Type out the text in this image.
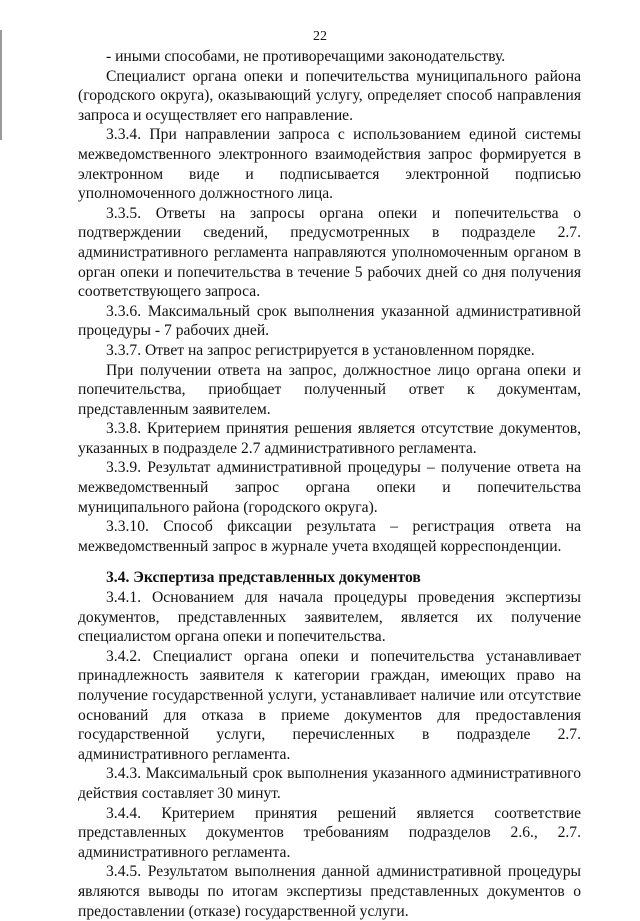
22

- иными способами, не противоречащими законодательству.

Специалист органа опеки и попечительства муниципального района (городского округа), оказывающий услугу, определяет способ направления запроса и осуществляет его направление.

3.3.4. При направлении запроса с использованием единой системы межведомственного электронного взаимодействия запрос формируется в электронном виде и подписывается электронной подписью уполномоченного должностного лица.

3.3.5. Ответы на запросы органа опеки и попечительства о подтверждении сведений, предусмотренных в подразделе 2.7. административного регламента направляются уполномоченным органом в орган опеки и попечительства в течение 5 рабочих дней со дня получения соответствующего запроса.

3.3.6. Максимальный срок выполнения указанной административной процедуры - 7 рабочих дней.

3.3.7. Ответ на запрос регистрируется в установленном порядке.

При получении ответа на запрос, должностное лицо органа опеки и попечительства, приобщает полученный ответ к документам, представленным заявителем.

3.3.8. Критерием принятия решения является отсутствие документов, указанных в подразделе 2.7 административного регламента.

3.3.9. Результат административной процедуры – получение ответа на межведомственный запрос органа опеки и попечительства муниципального района (городского округа).

3.3.10. Способ фиксации результата – регистрация ответа на межведомственный запрос в журнале учета входящей корреспонденции.

3.4. Экспертиза представленных документов

3.4.1. Основанием для начала процедуры проведения экспертизы документов, представленных заявителем, является их получение специалистом органа опеки и попечительства.

3.4.2. Специалист органа опеки и попечительства устанавливает принадлежность заявителя к категории граждан, имеющих право на получение государственной услуги, устанавливает наличие или отсутствие оснований для отказа в приеме документов для предоставления государственной услуги, перечисленных в подразделе 2.7. административного регламента.

3.4.3. Максимальный срок выполнения указанного административного действия составляет 30 минут.

3.4.4. Критерием принятия решений является соответствие представленных документов требованиям подразделов 2.6., 2.7. административного регламента.

3.4.5. Результатом выполнения данной административной процедуры являются выводы по итогам экспертизы представленных документов о предоставлении (отказе) государственной услуги.
